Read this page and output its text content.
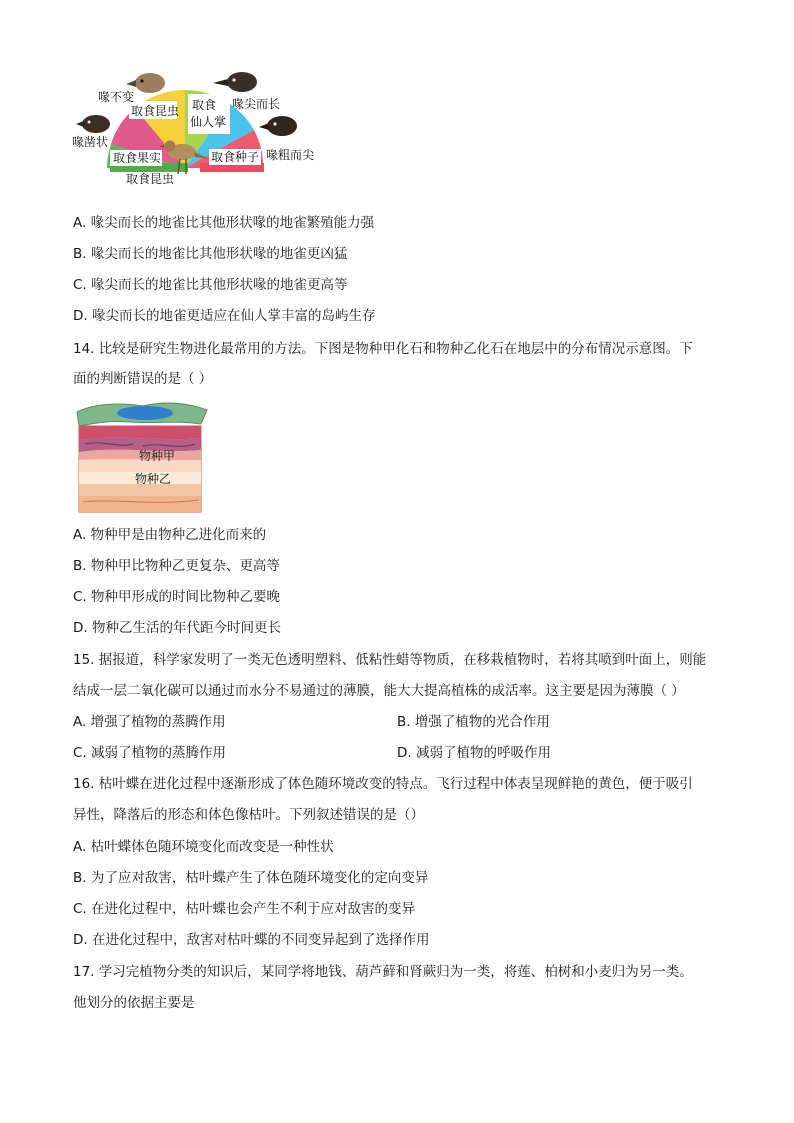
喙不变
取食昆虫 取食
仙人掌
喙尖而长
喙凿状
取食果实	取食种子 喙粗而尖
取食昆虫
A. 喙尖而长的地雀比其他形状喙的地雀繁殖能力强
B. 喙尖而长的地雀比其他形状喙的地雀更凶猛
C. 喙尖而长的地雀比其他形状喙的地雀更高等
D. 喙尖而长的地雀更适应在仙人掌丰富的岛屿生存
14. 比较是研究生物进化最常用的方法。下图是物种甲化石和物种乙化石在地层中的分布情况示意图。下
面的判断错误的是（ ）
物种甲
物种乙
A. 物种甲是由物种乙进化而来的
B. 物种甲比物种乙更复杂、更高等
C. 物种甲形成的时间比物种乙要晚
D. 物种乙生活的年代距今时间更长
15. 据报道，科学家发明了一类无色透明塑料、低粘性蜡等物质，在移栽植物时，若将其喷到叶面上，则能
结成一层二氧化碳可以通过而水分不易通过的薄膜，能大大提高植株的成活率。这主要是因为薄膜（ ）
A. 增强了植物的蒸腾作用	B. 增强了植物的光合作用
C. 减弱了植物的蒸腾作用	D. 减弱了植物的呼吸作用
16. 枯叶蝶在进化过程中逐渐形成了体色随环境改变的特点。飞行过程中体表呈现鲜艳的黄色，便于吸引
异性，降落后的形态和体色像枯叶。下列叙述错误的是（）
A. 枯叶蝶体色随环境变化而改变是一种性状
B. 为了应对敌害，枯叶蝶产生了体色随环境变化的定向变异
C. 在进化过程中，枯叶蝶也会产生不利于应对敌害的变异
D. 在进化过程中，敌害对枯叶蝶的不同变异起到了选择作用
17. 学习完植物分类的知识后，某同学将地钱、葫芦藓和肾蕨归为一类，将莲、柏树和小麦归为另一类。
他划分的依据主要是
